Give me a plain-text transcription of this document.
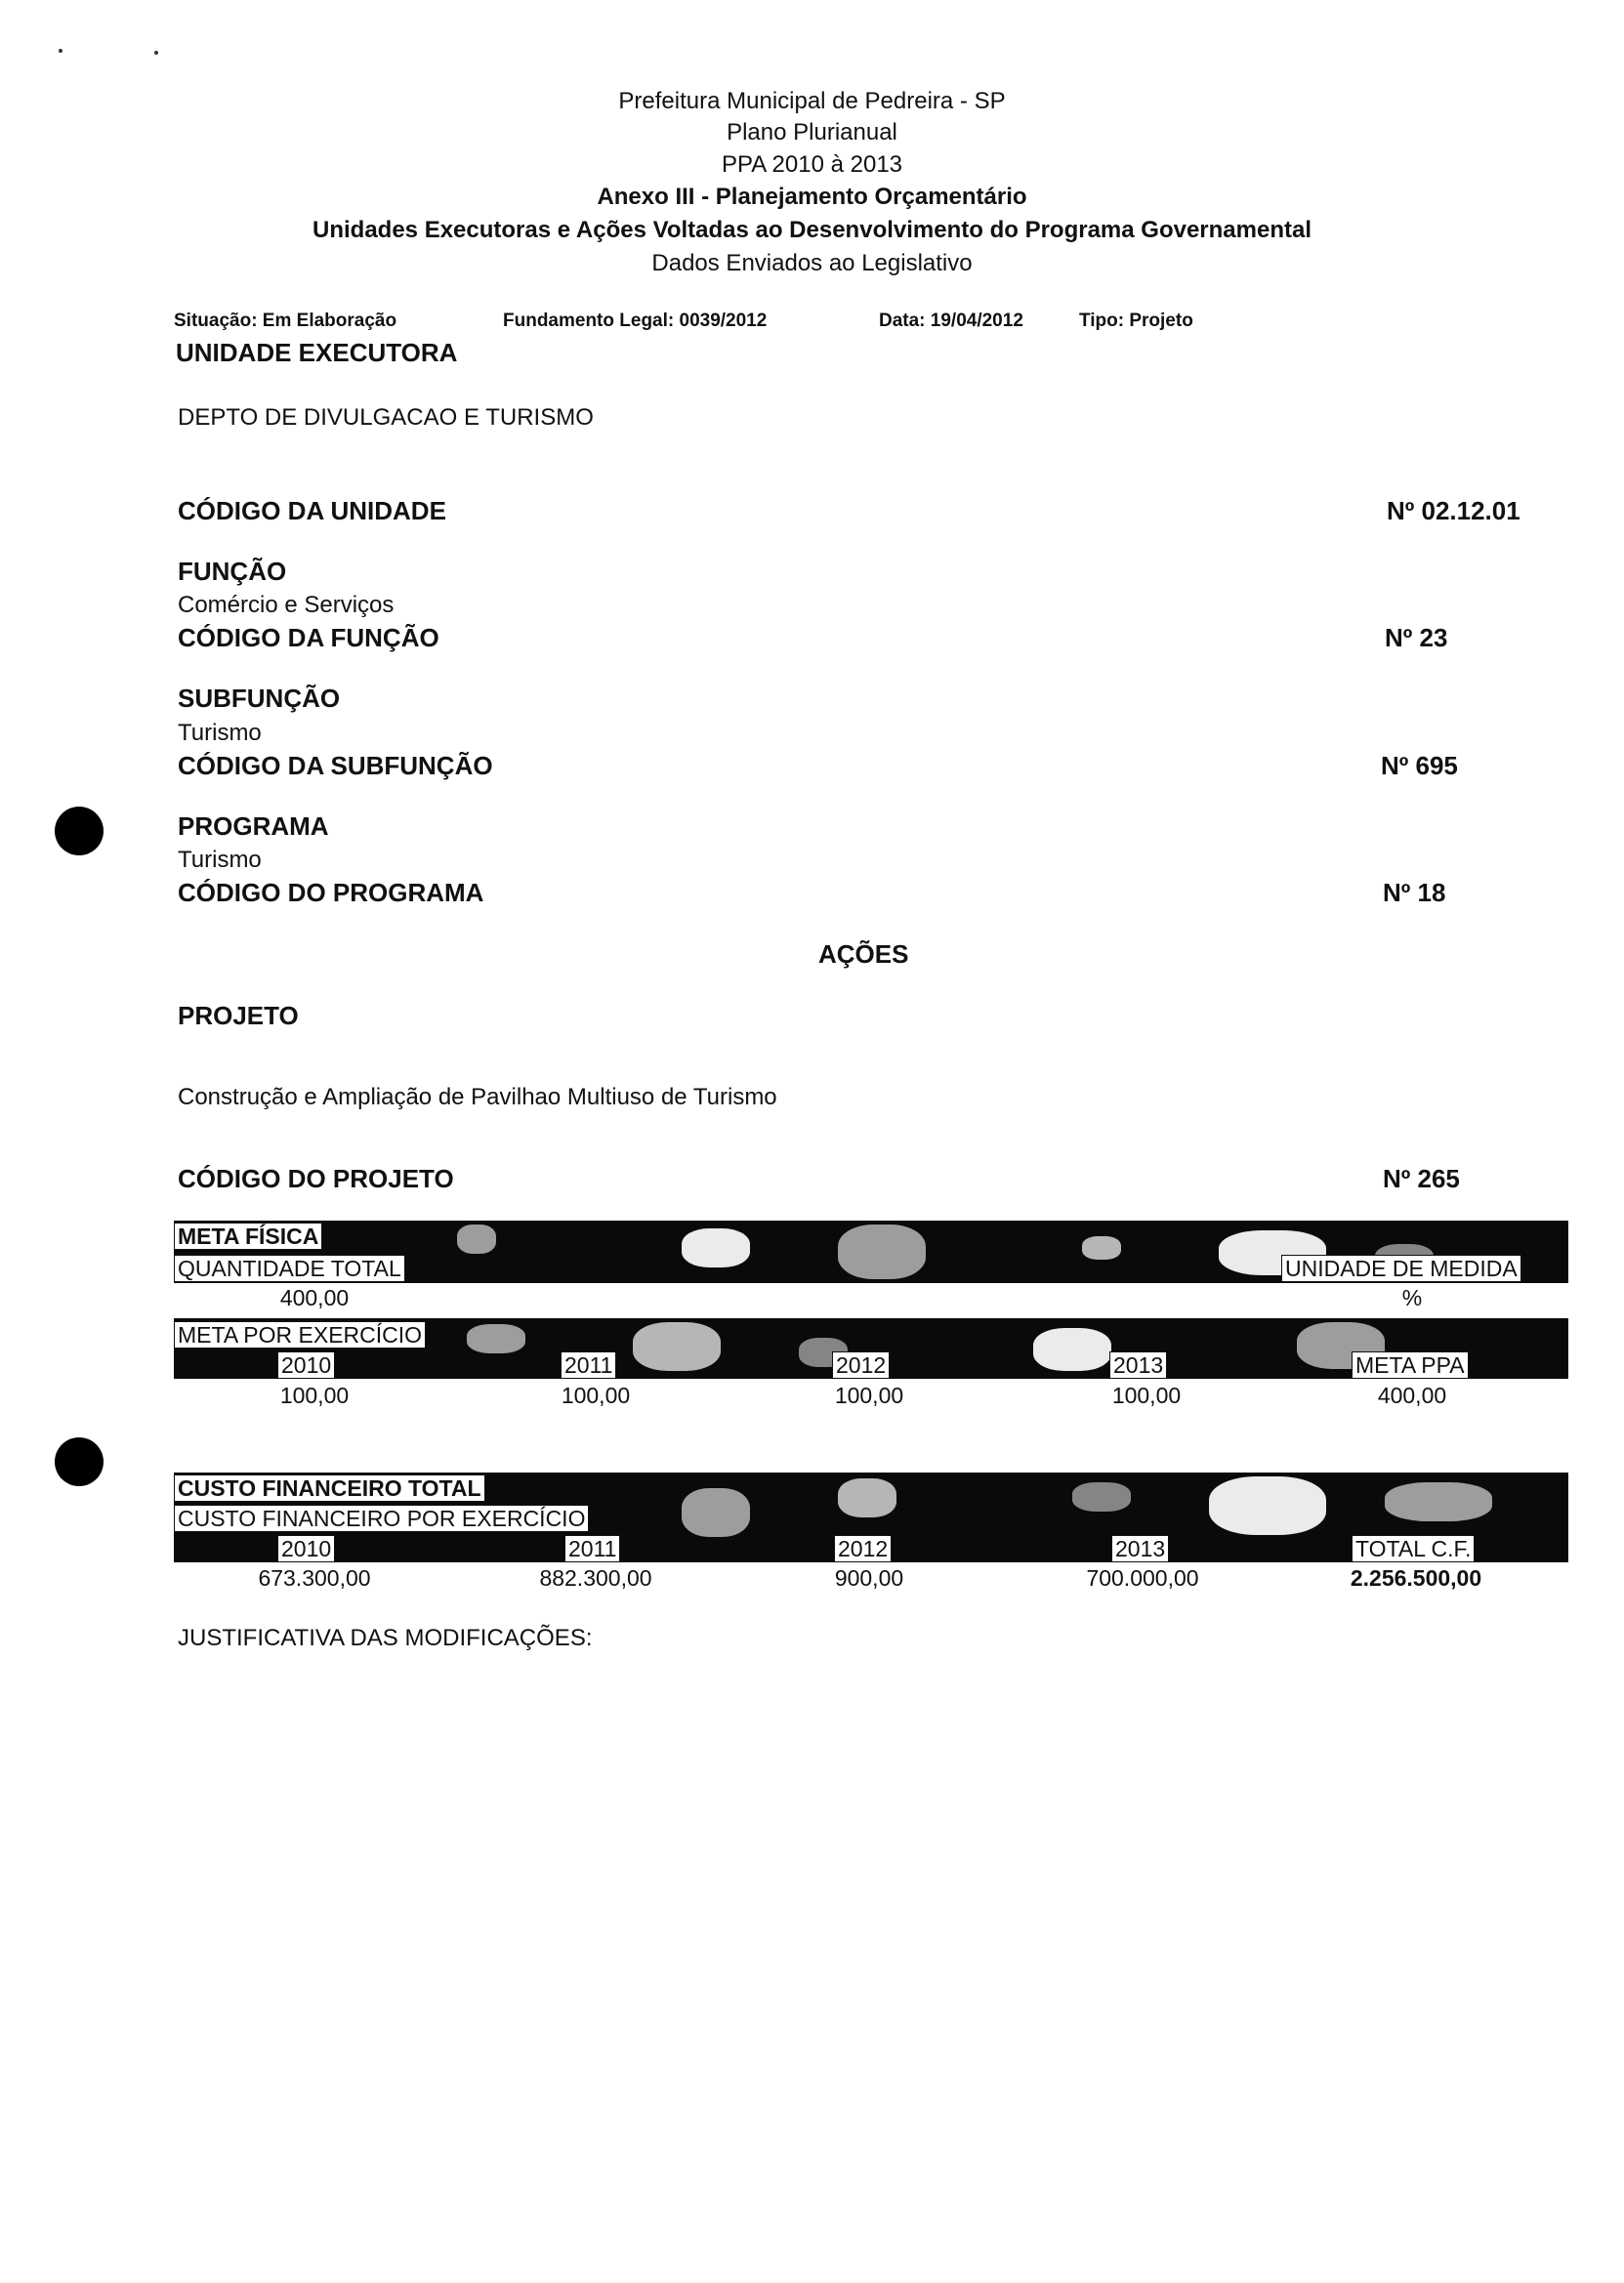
Prefeitura Municipal de Pedreira - SP
Plano Plurianual
PPA 2010 à 2013
Anexo III - Planejamento Orçamentário
Unidades Executoras e Ações Voltadas ao Desenvolvimento do Programa Governamental
Dados Enviados ao Legislativo
Situação: Em Elaboração	Fundamento Legal: 0039/2012	Data: 19/04/2012	Tipo: Projeto
UNIDADE EXECUTORA
DEPTO DE DIVULGACAO E TURISMO
CÓDIGO DA UNIDADE	Nº 02.12.01
FUNÇÃO
Comércio e Serviços
CÓDIGO DA FUNÇÃO	Nº 23
SUBFUNÇÃO
Turismo
CÓDIGO DA SUBFUNÇÃO	Nº 695
PROGRAMA
Turismo
CÓDIGO DO PROGRAMA	Nº 18
AÇÕES
PROJETO
Construção e Ampliação de Pavilhao Multiuso de Turismo
CÓDIGO DO PROJETO	Nº 265
META FÍSICA
QUANTIDADE TOTAL	UNIDADE DE MEDIDA
400,00	%
META POR EXERCÍCIO
2010	2011	2012	2013	META PPA
100,00	100,00	100,00	100,00	400,00
CUSTO FINANCEIRO TOTAL
CUSTO FINANCEIRO POR EXERCÍCIO
2010	2011	2012	2013	TOTAL C.F.
673.300,00	882.300,00	900,00	700.000,00	2.256.500,00
JUSTIFICATIVA DAS MODIFICAÇÕES:
